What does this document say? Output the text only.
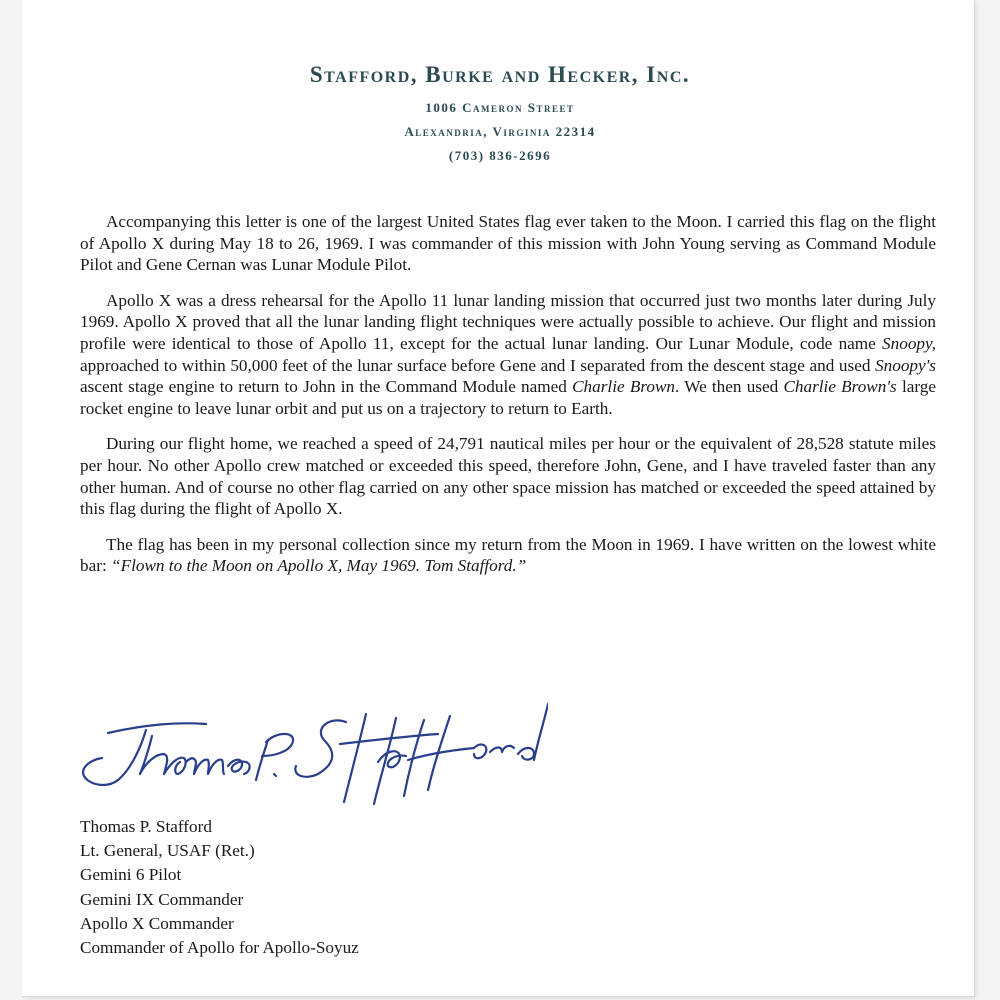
Stafford, Burke and Hecker, Inc.
1006 Cameron Street
Alexandria, Virginia 22314
(703) 836-2696

Accompanying this letter is one of the largest United States flag ever taken to the Moon. I carried this flag on the flight of Apollo X during May 18 to 26, 1969. I was commander of this mission with John Young serving as Command Module Pilot and Gene Cernan was Lunar Module Pilot.

Apollo X was a dress rehearsal for the Apollo 11 lunar landing mission that occurred just two months later during July 1969. Apollo X proved that all the lunar landing flight techniques were actually possible to achieve. Our flight and mission profile were identical to those of Apollo 11, except for the actual lunar landing. Our Lunar Module, code name Snoopy, approached to within 50,000 feet of the lunar surface before Gene and I separated from the descent stage and used Snoopy's ascent stage engine to return to John in the Command Module named Charlie Brown. We then used Charlie Brown's large rocket engine to leave lunar orbit and put us on a trajectory to return to Earth.

During our flight home, we reached a speed of 24,791 nautical miles per hour or the equivalent of 28,528 statute miles per hour. No other Apollo crew matched or exceeded this speed, therefore John, Gene, and I have traveled faster than any other human. And of course no other flag carried on any other space mission has matched or exceeded the speed attained by this flag during the flight of Apollo X.

The flag has been in my personal collection since my return from the Moon in 1969. I have written on the lowest white bar: “Flown to the Moon on Apollo X, May 1969. Tom Stafford.”

Thomas P. Stafford
Lt. General, USAF (Ret.)
Gemini 6 Pilot
Gemini IX Commander
Apollo X Commander
Commander of Apollo for Apollo-Soyuz
